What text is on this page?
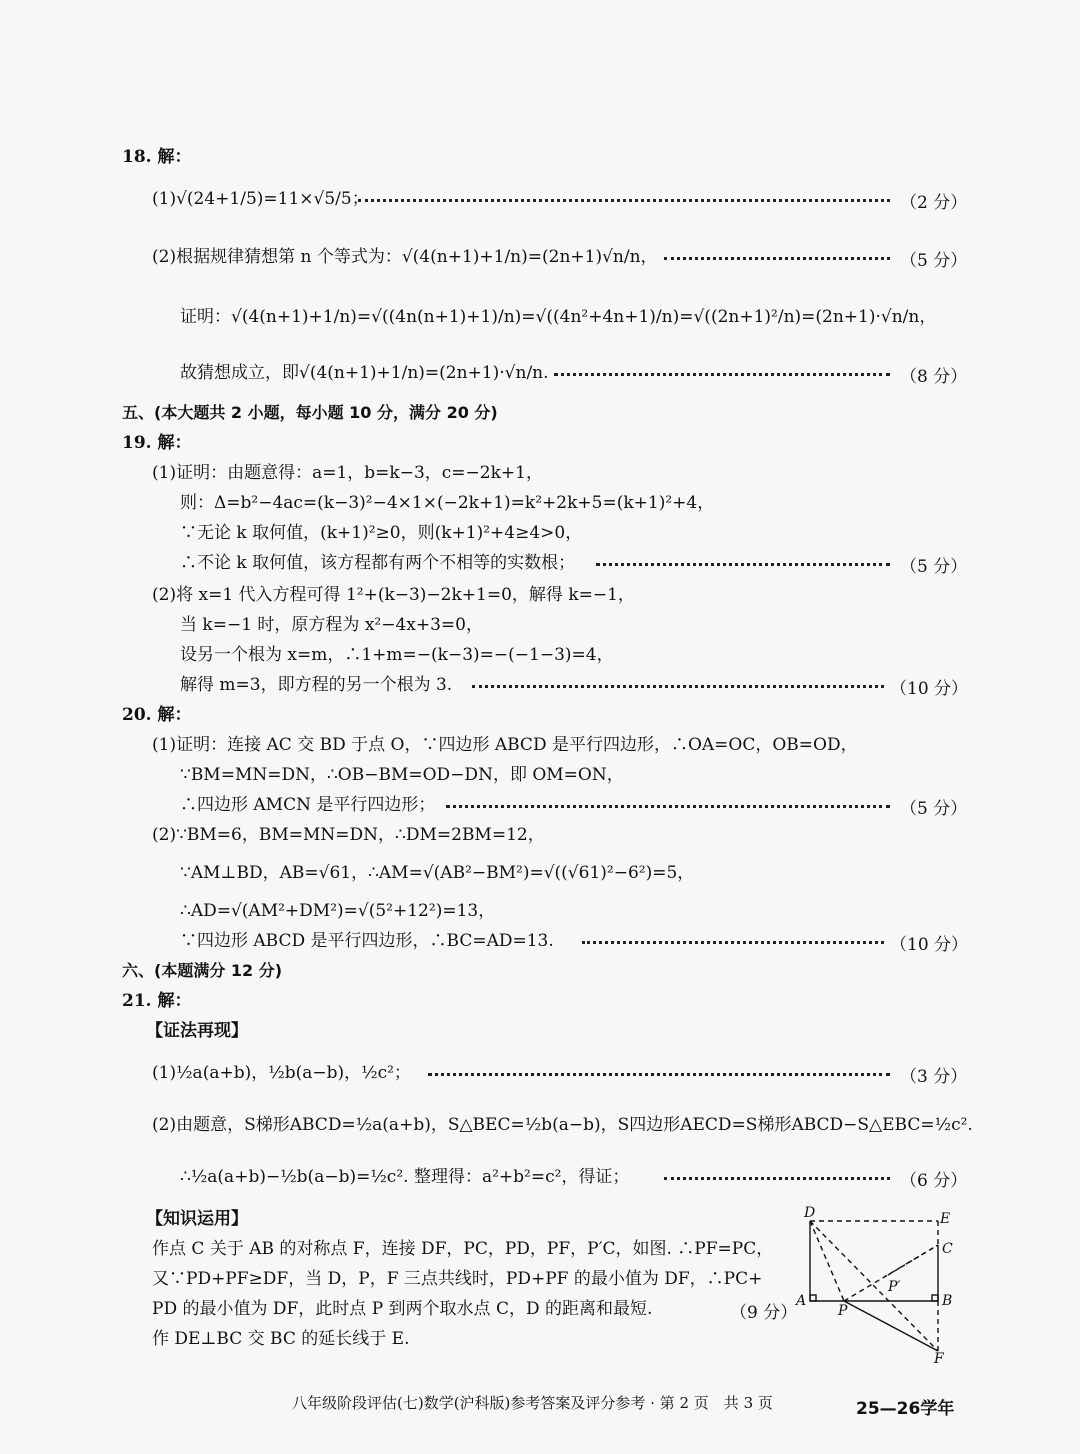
18. 解：
(1)√(24+1/5)=11×√5/5；	（2 分）
(2)根据规律猜想第 n 个等式为：√(4(n+1)+1/n)=(2n+1)√n/n，	（5 分）
证明：√(4(n+1)+1/n)=√((4n(n+1)+1)/n)=√((4n²+4n+1)/n)=√((2n+1)²/n)=(2n+1)·√n/n，
故猜想成立，即√(4(n+1)+1/n)=(2n+1)·√n/n.	（8 分）
五、(本大题共 2 小题，每小题 10 分，满分 20 分)
19. 解：
(1)证明：由题意得：a=1，b=k−3，c=−2k+1，
则：Δ=b²−4ac=(k−3)²−4×1×(−2k+1)=k²+2k+5=(k+1)²+4，
∵无论 k 取何值，(k+1)²≥0，则(k+1)²+4≥4>0，
∴不论 k 取何值，该方程都有两个不相等的实数根；	（5 分）
(2)将 x=1 代入方程可得 1²+(k−3)−2k+1=0，解得 k=−1，
当 k=−1 时，原方程为 x²−4x+3=0，
设另一个根为 x=m，∴1+m=−(k−3)=−(−1−3)=4，
解得 m=3，即方程的另一个根为 3.	（10 分）
20. 解：
(1)证明：连接 AC 交 BD 于点 O，∵四边形 ABCD 是平行四边形，∴OA=OC，OB=OD，
∵BM=MN=DN，∴OB−BM=OD−DN，即 OM=ON，
∴四边形 AMCN 是平行四边形；	（5 分）
(2)∵BM=6，BM=MN=DN，∴DM=2BM=12，
∵AM⊥BD，AB=√61，∴AM=√(AB²−BM²)=√((√61)²−6²)=5，
∴AD=√(AM²+DM²)=√(5²+12²)=13，
∵四边形 ABCD 是平行四边形，∴BC=AD=13.	（10 分）
六、(本题满分 12 分)
21. 解：
【证法再现】
(1)½a(a+b)，½b(a−b)，½c²；	（3 分）
(2)由题意，S梯形ABCD=½a(a+b)，S△BEC=½b(a−b)，S四边形AECD=S梯形ABCD−S△EBC=½c².
∴½a(a+b)−½b(a−b)=½c². 整理得：a²+b²=c²，得证；	（6 分）
【知识运用】
作点 C 关于 AB 的对称点 F，连接 DF，PC，PD，PF，P′C，如图. ∴PF=PC，
又∵PD+PF≥DF，当 D，P，F 三点共线时，PD+PF 的最小值为 DF，∴PC+
PD 的最小值为 DF，此时点 P 到两个取水点 C，D 的距离和最短.	（9 分）
作 DE⊥BC 交 BC 的延长线于 E.
D	E
C
P′
A
P
B
F
八年级阶段评估(七)数学(沪科版)参考答案及评分参考 · 第 2 页　共 3 页	25—26学年
